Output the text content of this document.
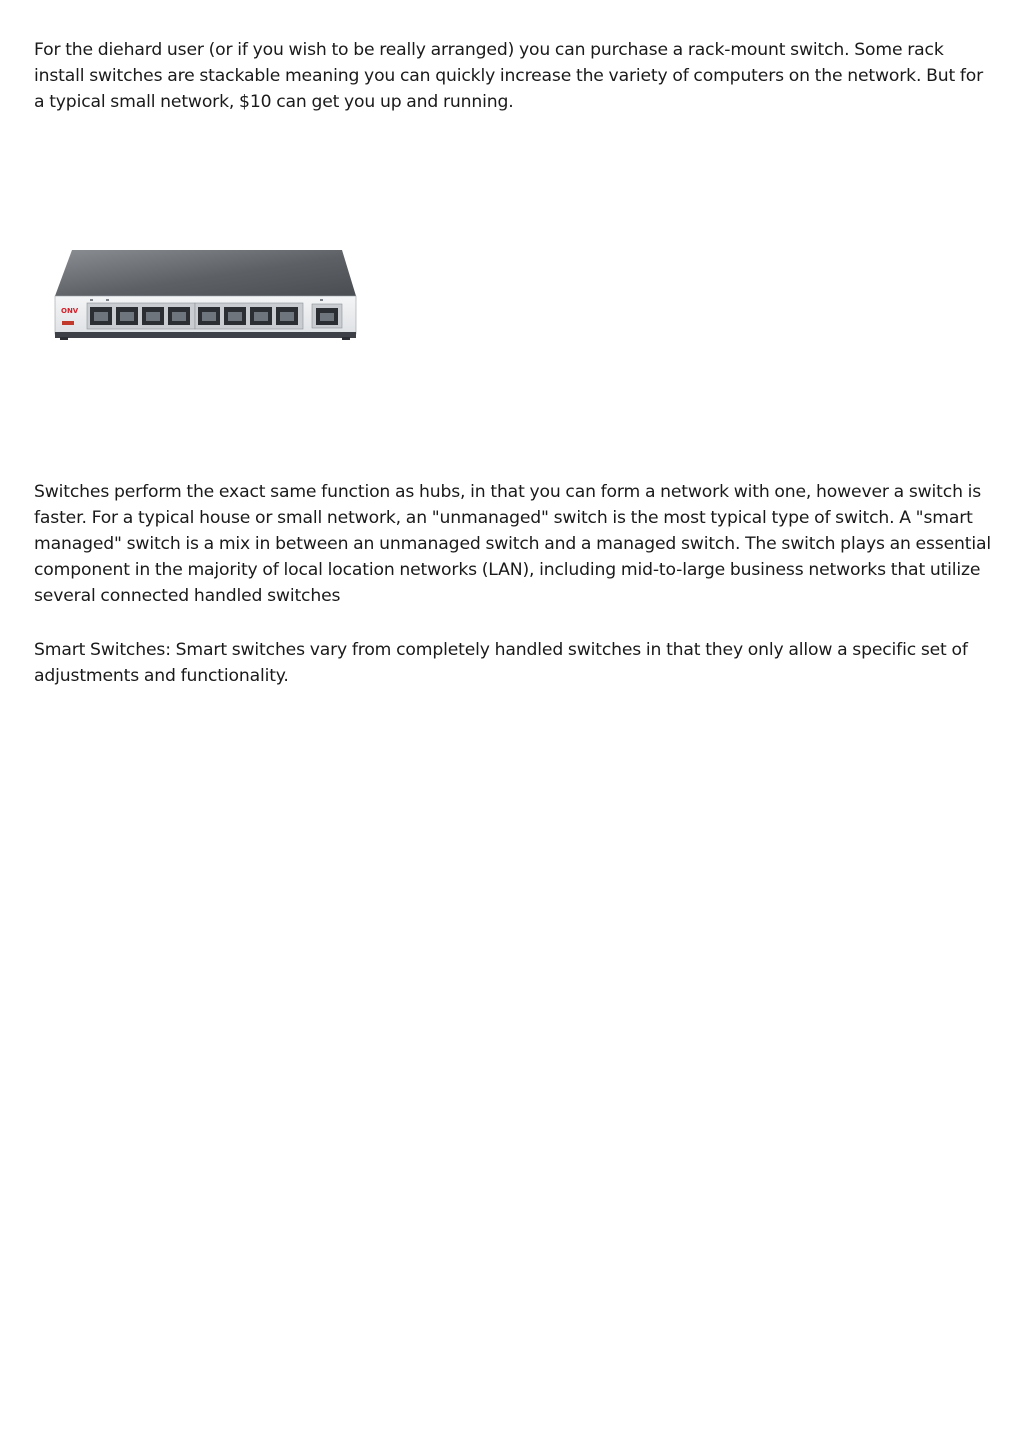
For the diehard user (or if you wish to be really arranged) you can purchase a rack-mount switch. Some rack install switches are stackable meaning you can quickly increase the variety of computers on the network. But for a typical small network, $10 can get you up and running.

ONV

Switches perform the exact same function as hubs, in that you can form a network with one, however a switch is faster. For a typical house or small network, an "unmanaged" switch is the most typical type of switch. A "smart managed" switch is a mix in between an unmanaged switch and a managed switch. The switch plays an essential component in the majority of local location networks (LAN), including mid-to-large business networks that utilize several connected handled switches

Smart Switches: Smart switches vary from completely handled switches in that they only allow a specific set of adjustments and functionality.
